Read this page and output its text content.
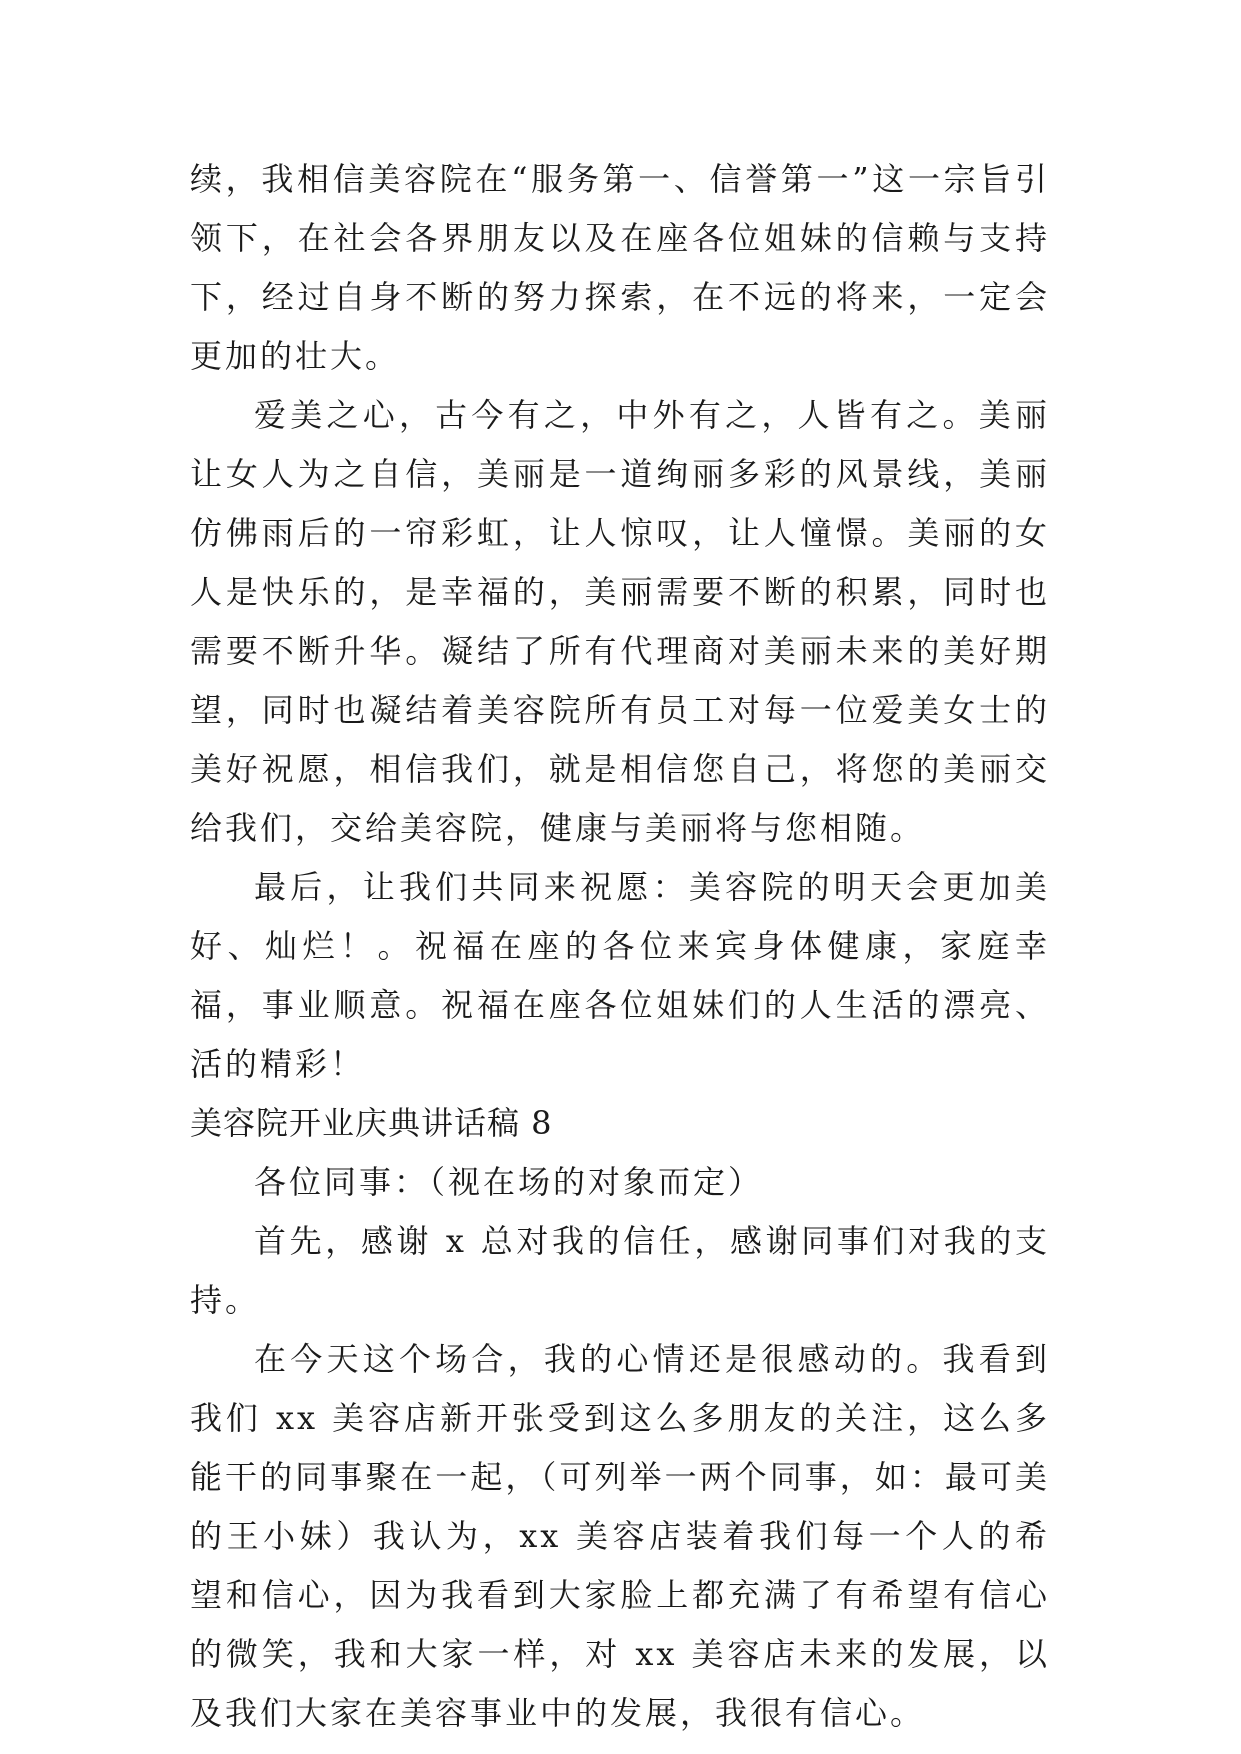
续，我相信美容院在“服务第一、信誉第一”这一宗旨引领下，在社会各界朋友以及在座各位姐妹的信赖与支持下，经过自身不断的努力探索，在不远的将来，一定会更加的壮大。

爱美之心，古今有之，中外有之，人皆有之。美丽让女人为之自信，美丽是一道绚丽多彩的风景线，美丽仿佛雨后的一帘彩虹，让人惊叹，让人憧憬。美丽的女人是快乐的，是幸福的，美丽需要不断的积累，同时也需要不断升华。凝结了所有代理商对美丽未来的美好期望，同时也凝结着美容院所有员工对每一位爱美女士的美好祝愿，相信我们，就是相信您自己，将您的美丽交给我们，交给美容院，健康与美丽将与您相随。

最后，让我们共同来祝愿：美容院的明天会更加美好、灿烂！。祝福在座的各位来宾身体健康，家庭幸福，事业顺意。祝福在座各位姐妹们的人生活的漂亮、活的精彩！

美容院开业庆典讲话稿 8

各位同事：（视在场的对象而定）

首先，感谢 x 总对我的信任，感谢同事们对我的支持。

在今天这个场合，我的心情还是很感动的。我看到我们 xx 美容店新开张受到这么多朋友的关注，这么多能干的同事聚在一起，（可列举一两个同事，如：最可美的王小妹）我认为，xx 美容店装着我们每一个人的希望和信心，因为我看到大家脸上都充满了有希望有信心的微笑，我和大家一样，对 xx 美容店未来的发展，以及我们大家在美容事业中的发展，我很有信心。
